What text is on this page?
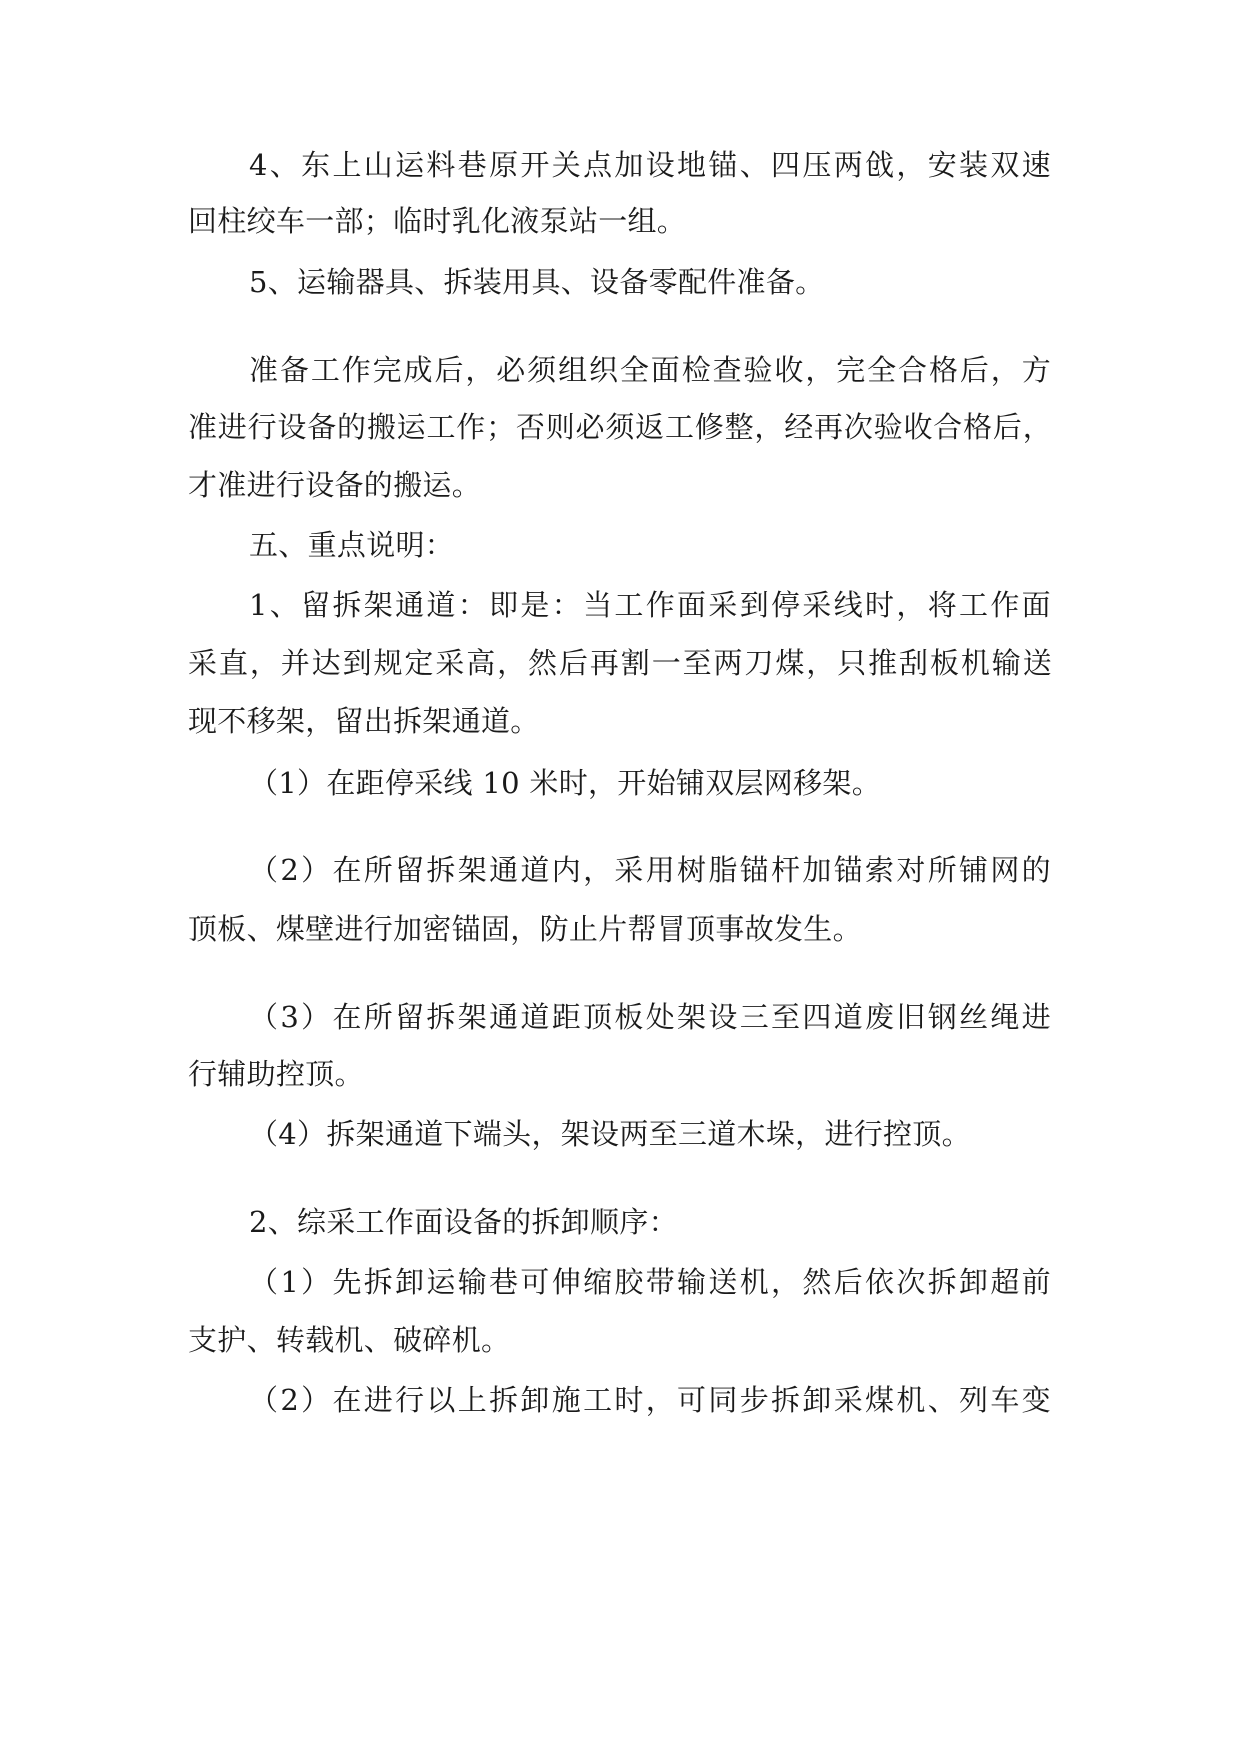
4、东上山运料巷原开关点加设地锚、四压两戗，安装双速
回柱绞车一部；临时乳化液泵站一组。
5、运输器具、拆装用具、设备零配件准备。
准备工作完成后，必须组织全面检查验收，完全合格后，方
准进行设备的搬运工作；否则必须返工修整，经再次验收合格后，
才准进行设备的搬运。
五、重点说明：
1、留拆架通道：即是：当工作面采到停采线时，将工作面
采直，并达到规定采高，然后再割一至两刀煤，只推刮板机输送
现不移架，留出拆架通道。
（1）在距停采线 10 米时，开始铺双层网移架。
（2）在所留拆架通道内，采用树脂锚杆加锚索对所铺网的
顶板、煤壁进行加密锚固，防止片帮冒顶事故发生。
（3）在所留拆架通道距顶板处架设三至四道废旧钢丝绳进
行辅助控顶。
（4）拆架通道下端头，架设两至三道木垛，进行控顶。
2、综采工作面设备的拆卸顺序：
（1）先拆卸运输巷可伸缩胶带输送机，然后依次拆卸超前
支护、转载机、破碎机。
（2）在进行以上拆卸施工时，可同步拆卸采煤机、列车变
